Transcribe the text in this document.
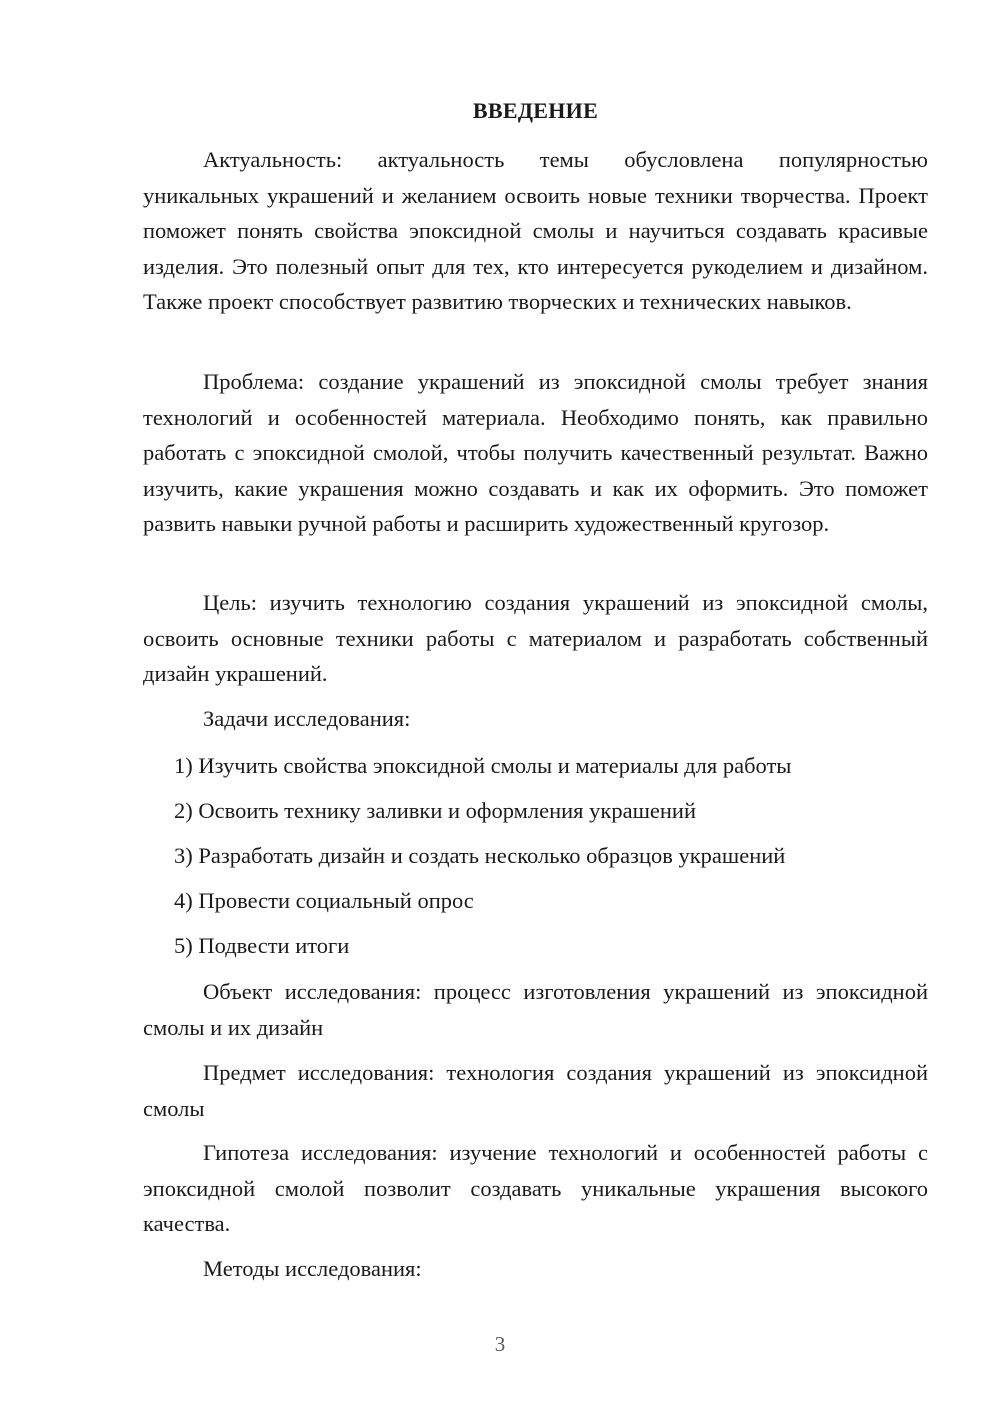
ВВЕДЕНИЕ
Актуальность: актуальность темы обусловлена популярностью уникальных украшений и желанием освоить новые техники творчества. Проект поможет понять свойства эпоксидной смолы и научиться создавать красивые изделия. Это полезный опыт для тех, кто интересуется рукоделием и дизайном. Также проект способствует развитию творческих и технических навыков.
Проблема: создание украшений из эпоксидной смолы требует знания технологий и особенностей материала. Необходимо понять, как правильно работать с эпоксидной смолой, чтобы получить качественный результат. Важно изучить, какие украшения можно создавать и как их оформить. Это поможет развить навыки ручной работы и расширить художественный кругозор.
Цель: изучить технологию создания украшений из эпоксидной смолы, освоить основные техники работы с материалом и разработать собственный дизайн украшений.
Задачи исследования:
1) Изучить свойства эпоксидной смолы и материалы для работы
2) Освоить технику заливки и оформления украшений
3) Разработать дизайн и создать несколько образцов украшений
4) Провести социальный опрос
5) Подвести итоги
Объект исследования: процесс изготовления украшений из эпоксидной смолы и их дизайн
Предмет исследования: технология создания украшений из эпоксидной смолы
Гипотеза исследования: изучение технологий и особенностей работы с эпоксидной смолой позволит создавать уникальные украшения высокого качества.
Методы исследования:
3
